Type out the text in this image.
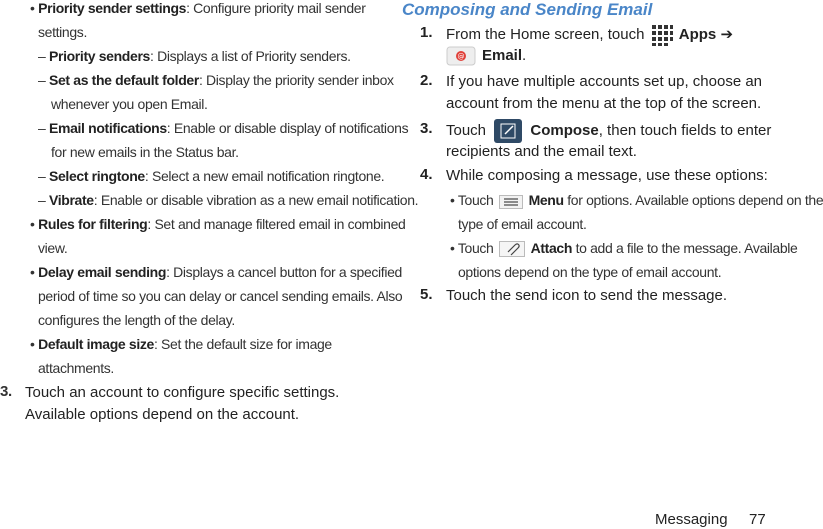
• Priority sender settings: Configure priority mail sender
settings.
– Priority senders: Displays a list of Priority senders.
– Set as the default folder: Display the priority sender inbox
whenever you open Email.
– Email notifications: Enable or disable display of notifications
for new emails in the Status bar.
– Select ringtone: Select a new email notification ringtone.
– Vibrate: Enable or disable vibration as a new email notification.
• Rules for filtering: Set and manage filtered email in combined
view.
• Delay email sending: Displays a cancel button for a specified
period of time so you can delay or cancel sending emails. Also
configures the length of the delay.
• Default image size: Set the default size for image
attachments.
3. Touch an account to configure specific settings.
Available options depend on the account.
Composing and Sending Email
1. From the Home screen, touch Apps ➔
@ Email.
2. If you have multiple accounts set up, choose an
account from the menu at the top of the screen.
3. Touch	Compose, then touch fields to enter
recipients and the email text.
4. While composing a message, use these options:
• Touch	Menu for options. Available options depend on the
type of email account.
• Touch	Attach to add a file to the message. Available
options depend on the type of email account.
5. Touch the send icon to send the message.
Messaging 77
